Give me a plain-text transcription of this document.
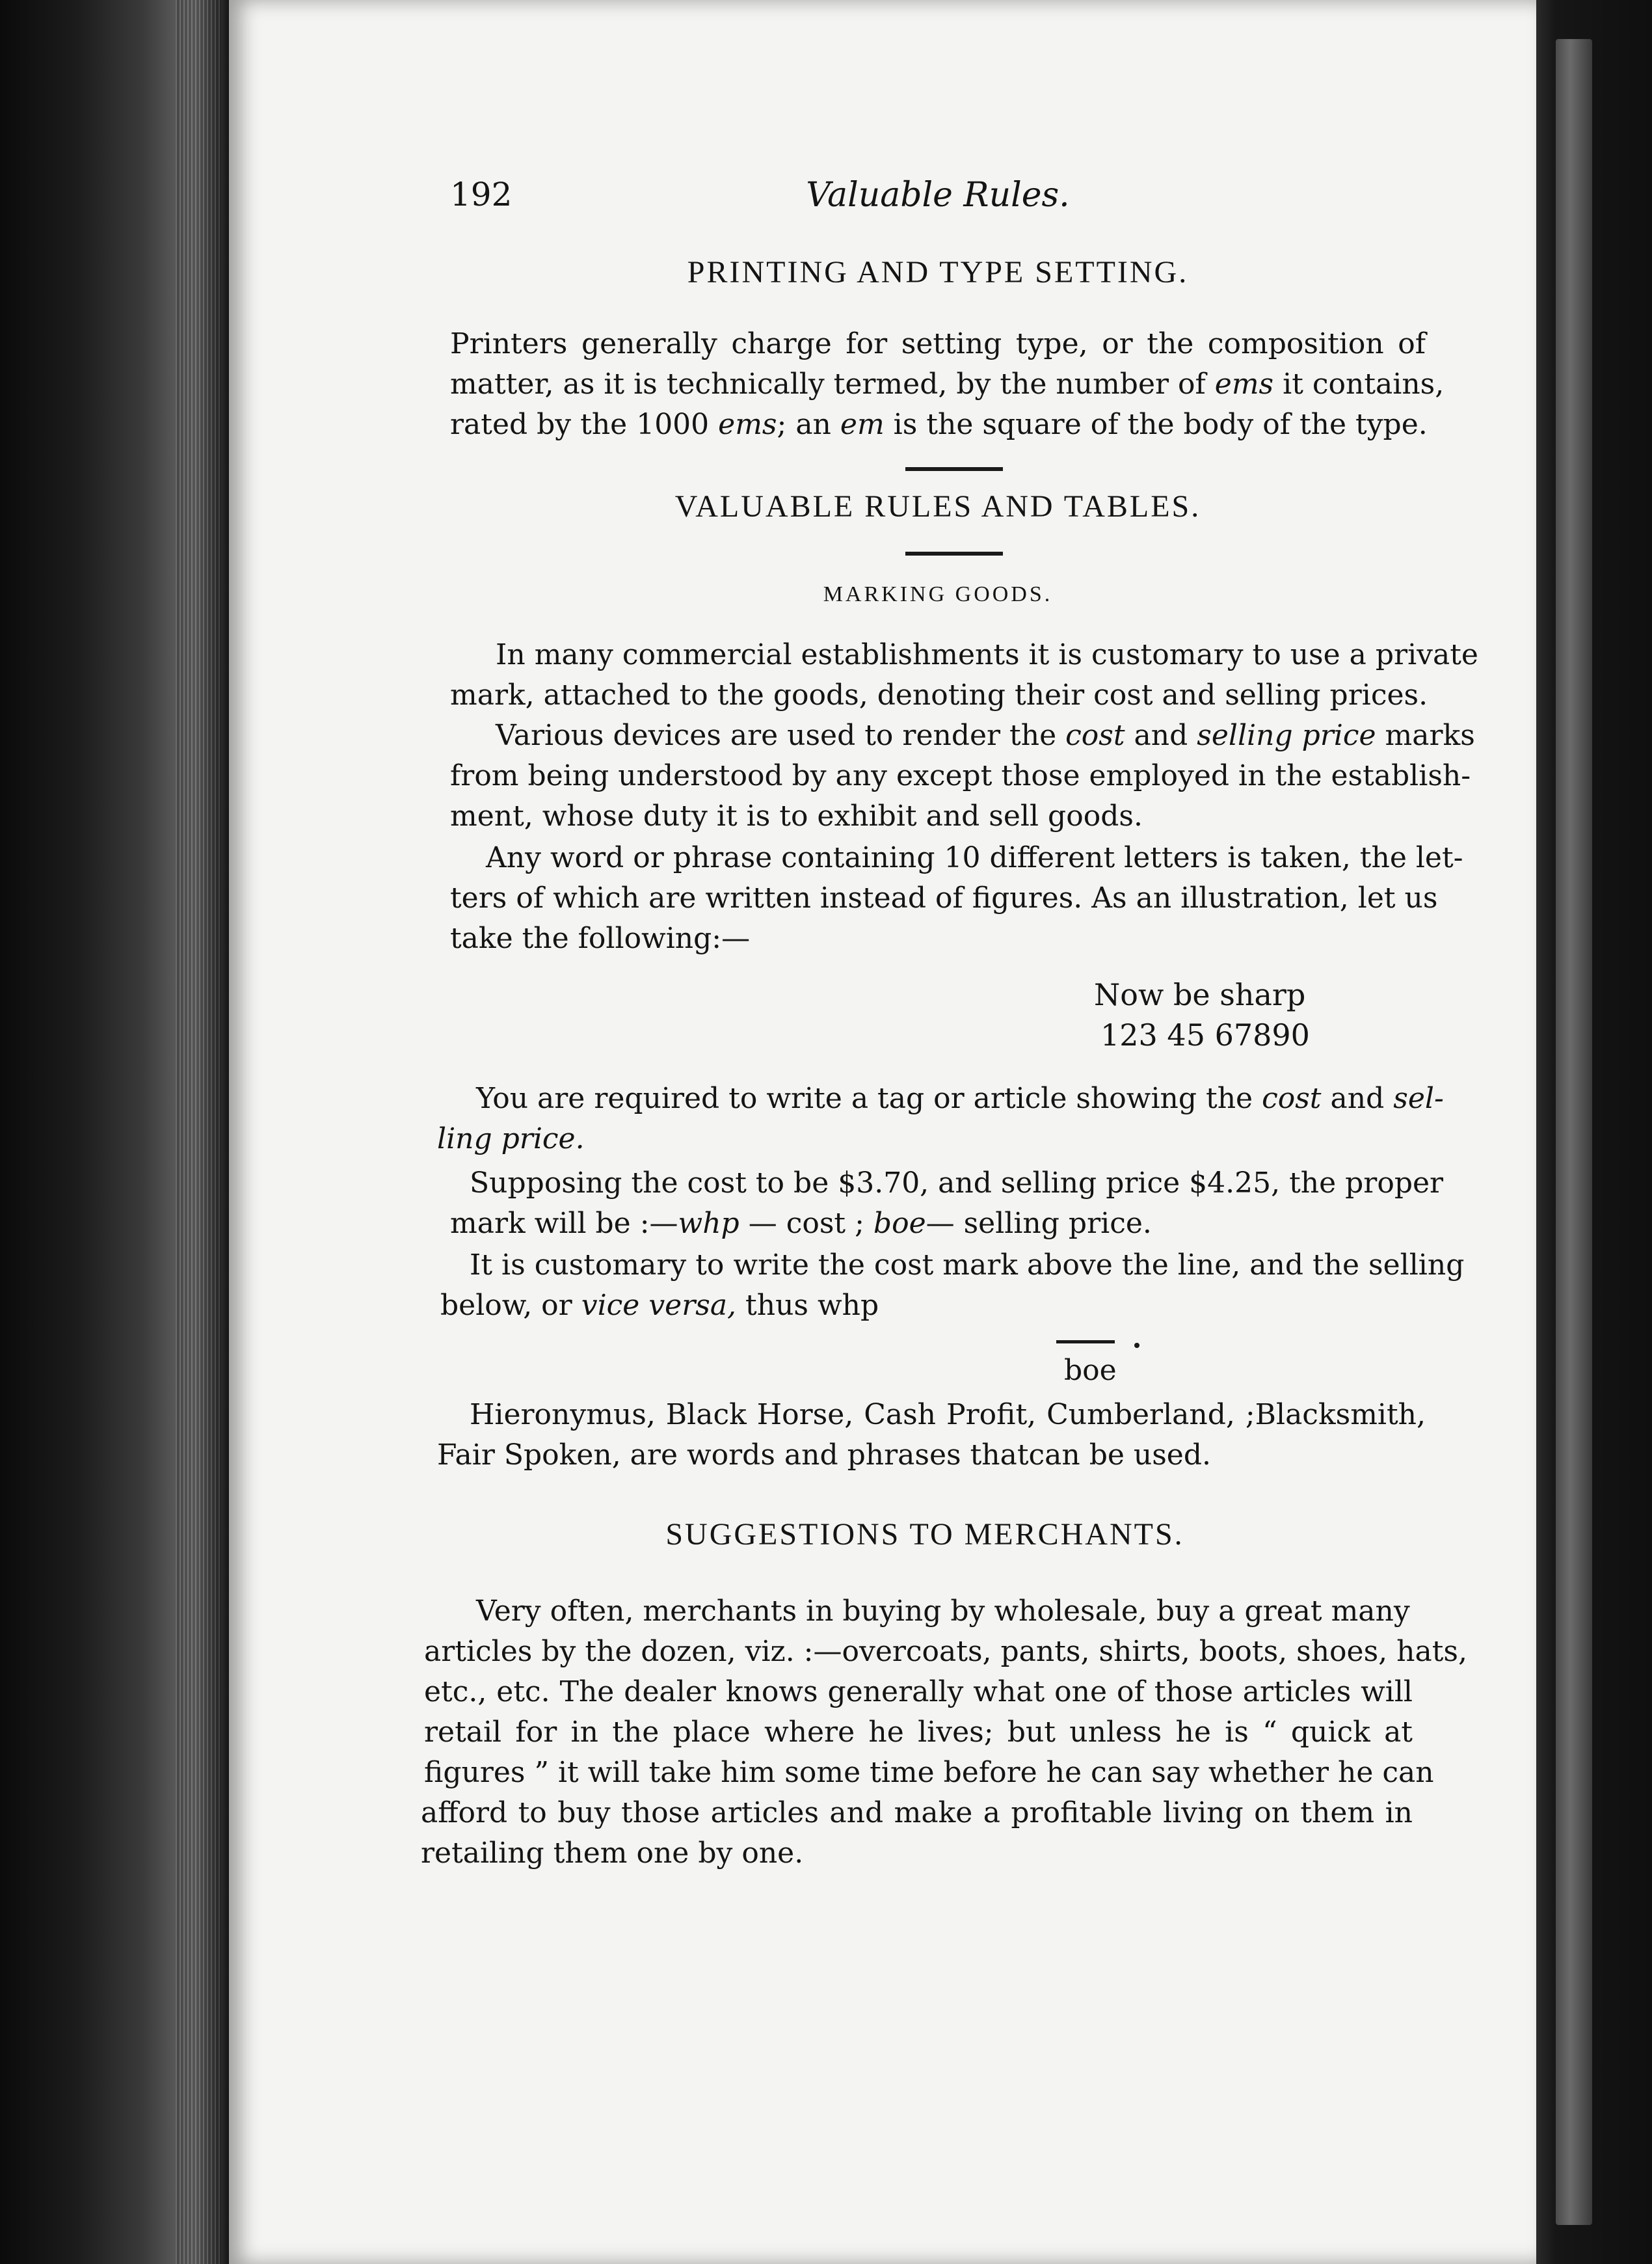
192	Valuable Rules.
PRINTING AND TYPE SETTING.
Printers generally charge for setting type, or the composition of
matter, as it is technically termed, by the number of ems it contains,
rated by the 1000 ems; an em is the square of the body of the type.
VALUABLE RULES AND TABLES.
MARKING GOODS.
In many commercial establishments it is customary to use a private
mark, attached to the goods, denoting their cost and selling prices.
Various devices are used to render the cost and selling price marks
from being understood by any except those employed in the establish-
ment, whose duty it is to exhibit and sell goods.
Any word or phrase containing 10 different letters is taken, the let-
ters of which are written instead of figures. As an illustration, let us
take the following:—
Now be sharp
123 45 67890
You are required to write a tag or article showing the cost and sel-
ling price.
Supposing the cost to be $3.70, and selling price $4.25, the proper
mark will be :—whp — cost ; boe— selling price.
It is customary to write the cost mark above the line, and the selling
below, or vice versa, thus whp
boe
Hieronymus, Black Horse, Cash Profit, Cumberland, ;Blacksmith,
Fair Spoken, are words and phrases thatcan be used.
SUGGESTIONS TO MERCHANTS.
Very often, merchants in buying by wholesale, buy a great many
articles by the dozen, viz. :—overcoats, pants, shirts, boots, shoes, hats,
etc., etc. The dealer knows generally what one of those articles will
retail for in the place where he lives; but unless he is “ quick at
figures ” it will take him some time before he can say whether he can
afford to buy those articles and make a profitable living on them in
retailing them one by one.
